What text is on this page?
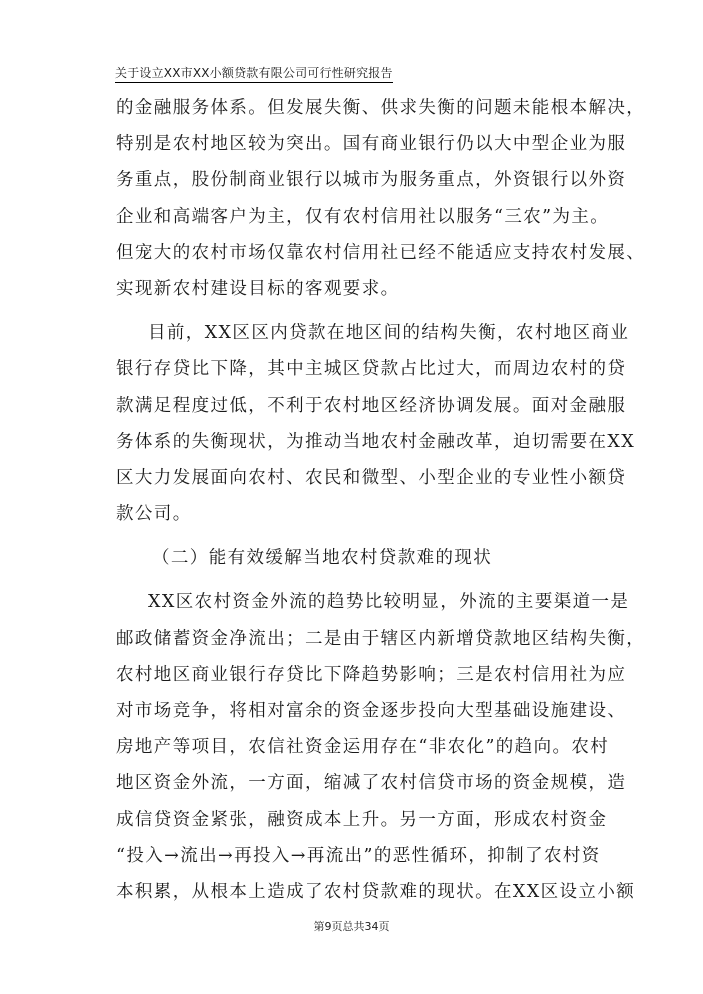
关于设立XX市XX小额贷款有限公司可行性研究报告
的金融服务体系。但发展失衡、供求失衡的问题未能根本解决，
特别是农村地区较为突出。国有商业银行仍以大中型企业为服
务重点，股份制商业银行以城市为服务重点，外资银行以外资
企业和高端客户为主，仅有农村信用社以服务“三农”为主。
但宠大的农村市场仅靠农村信用社已经不能适应支持农村发展、
实现新农村建设目标的客观要求。
目前，XX区区内贷款在地区间的结构失衡，农村地区商业
银行存贷比下降，其中主城区贷款占比过大，而周边农村的贷
款满足程度过低，不利于农村地区经济协调发展。面对金融服
务体系的失衡现状，为推动当地农村金融改革，迫切需要在XX
区大力发展面向农村、农民和微型、小型企业的专业性小额贷
款公司。
（二）能有效缓解当地农村贷款难的现状
XX区农村资金外流的趋势比较明显，外流的主要渠道一是
邮政储蓄资金净流出；二是由于辖区内新增贷款地区结构失衡，
农村地区商业银行存贷比下降趋势影响；三是农村信用社为应
对市场竞争，将相对富余的资金逐步投向大型基础设施建设、
房地产等项目，农信社资金运用存在“非农化”的趋向。农村
地区资金外流，一方面，缩减了农村信贷市场的资金规模，造
成信贷资金紧张，融资成本上升。另一方面，形成农村资金
“投入→流出→再投入→再流出”的恶性循环，抑制了农村资
本积累，从根本上造成了农村贷款难的现状。在XX区设立小额
第9页总共34页
